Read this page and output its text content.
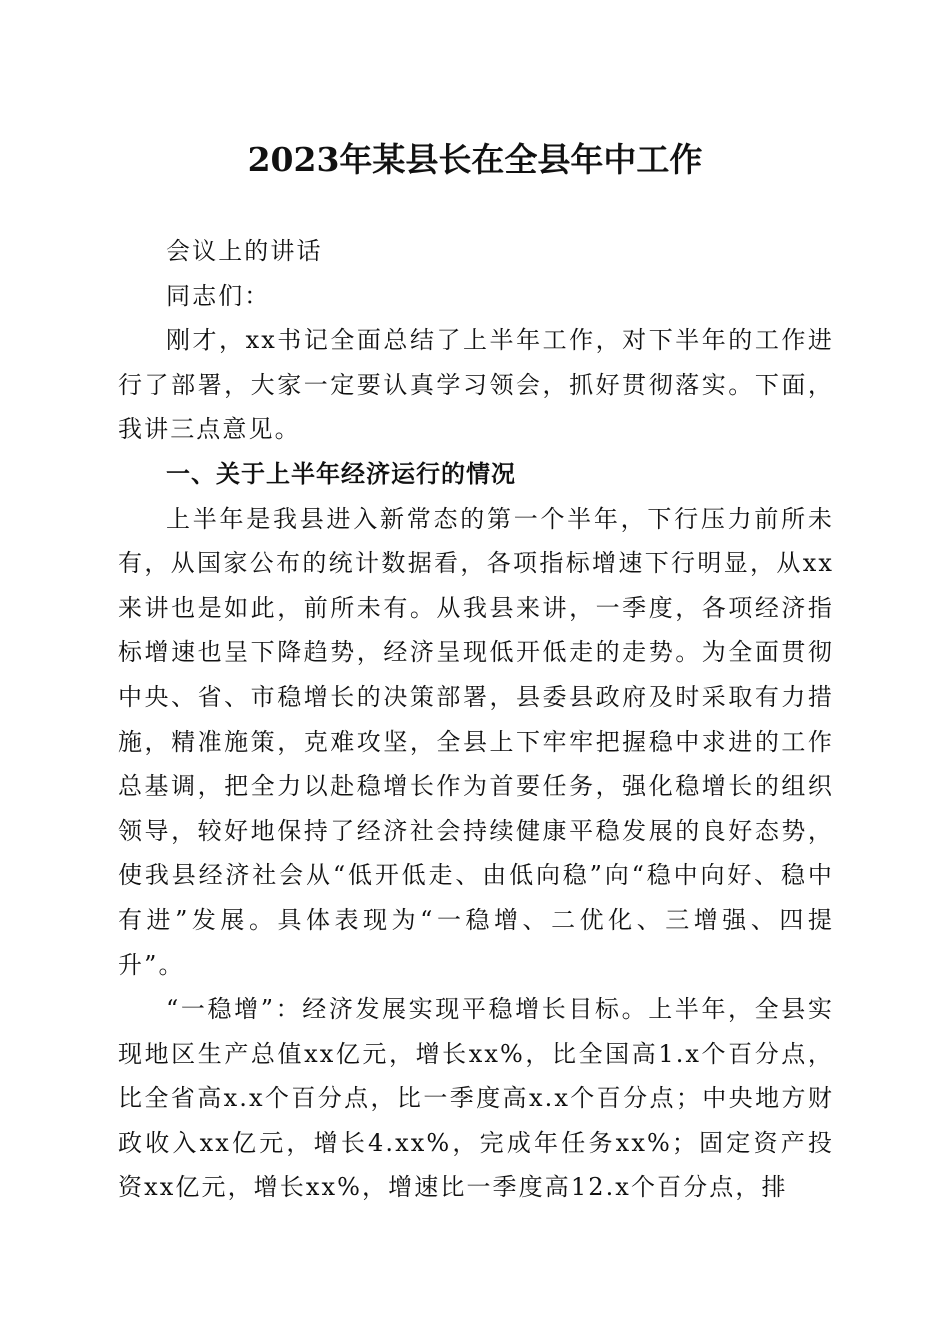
2023年某县长在全县年中工作

会议上的讲话

同志们：

刚才，xx书记全面总结了上半年工作，对下半年的工作进行了部署，大家一定要认真学习领会，抓好贯彻落实。下面，我讲三点意见。

一、关于上半年经济运行的情况

上半年是我县进入新常态的第一个半年，下行压力前所未有，从国家公布的统计数据看，各项指标增速下行明显，从xx来讲也是如此，前所未有。从我县来讲，一季度，各项经济指标增速也呈下降趋势，经济呈现低开低走的走势。为全面贯彻中央、省、市稳增长的决策部署，县委县政府及时采取有力措施，精准施策，克难攻坚，全县上下牢牢把握稳中求进的工作总基调，把全力以赴稳增长作为首要任务，强化稳增长的组织领导，较好地保持了经济社会持续健康平稳发展的良好态势，使我县经济社会从“低开低走、由低向稳”向“稳中向好、稳中有进”发展。具体表现为“一稳增、二优化、三增强、四提升”。

“一稳增”：经济发展实现平稳增长目标。上半年，全县实现地区生产总值xx亿元，增长xx%，比全国高1.x个百分点，比全省高x.x个百分点，比一季度高x.x个百分点；中央地方财政收入xx亿元，增长4.xx%，完成年任务xx%；固定资产投资xx亿元，增长xx%，增速比一季度高12.x个百分点，排
